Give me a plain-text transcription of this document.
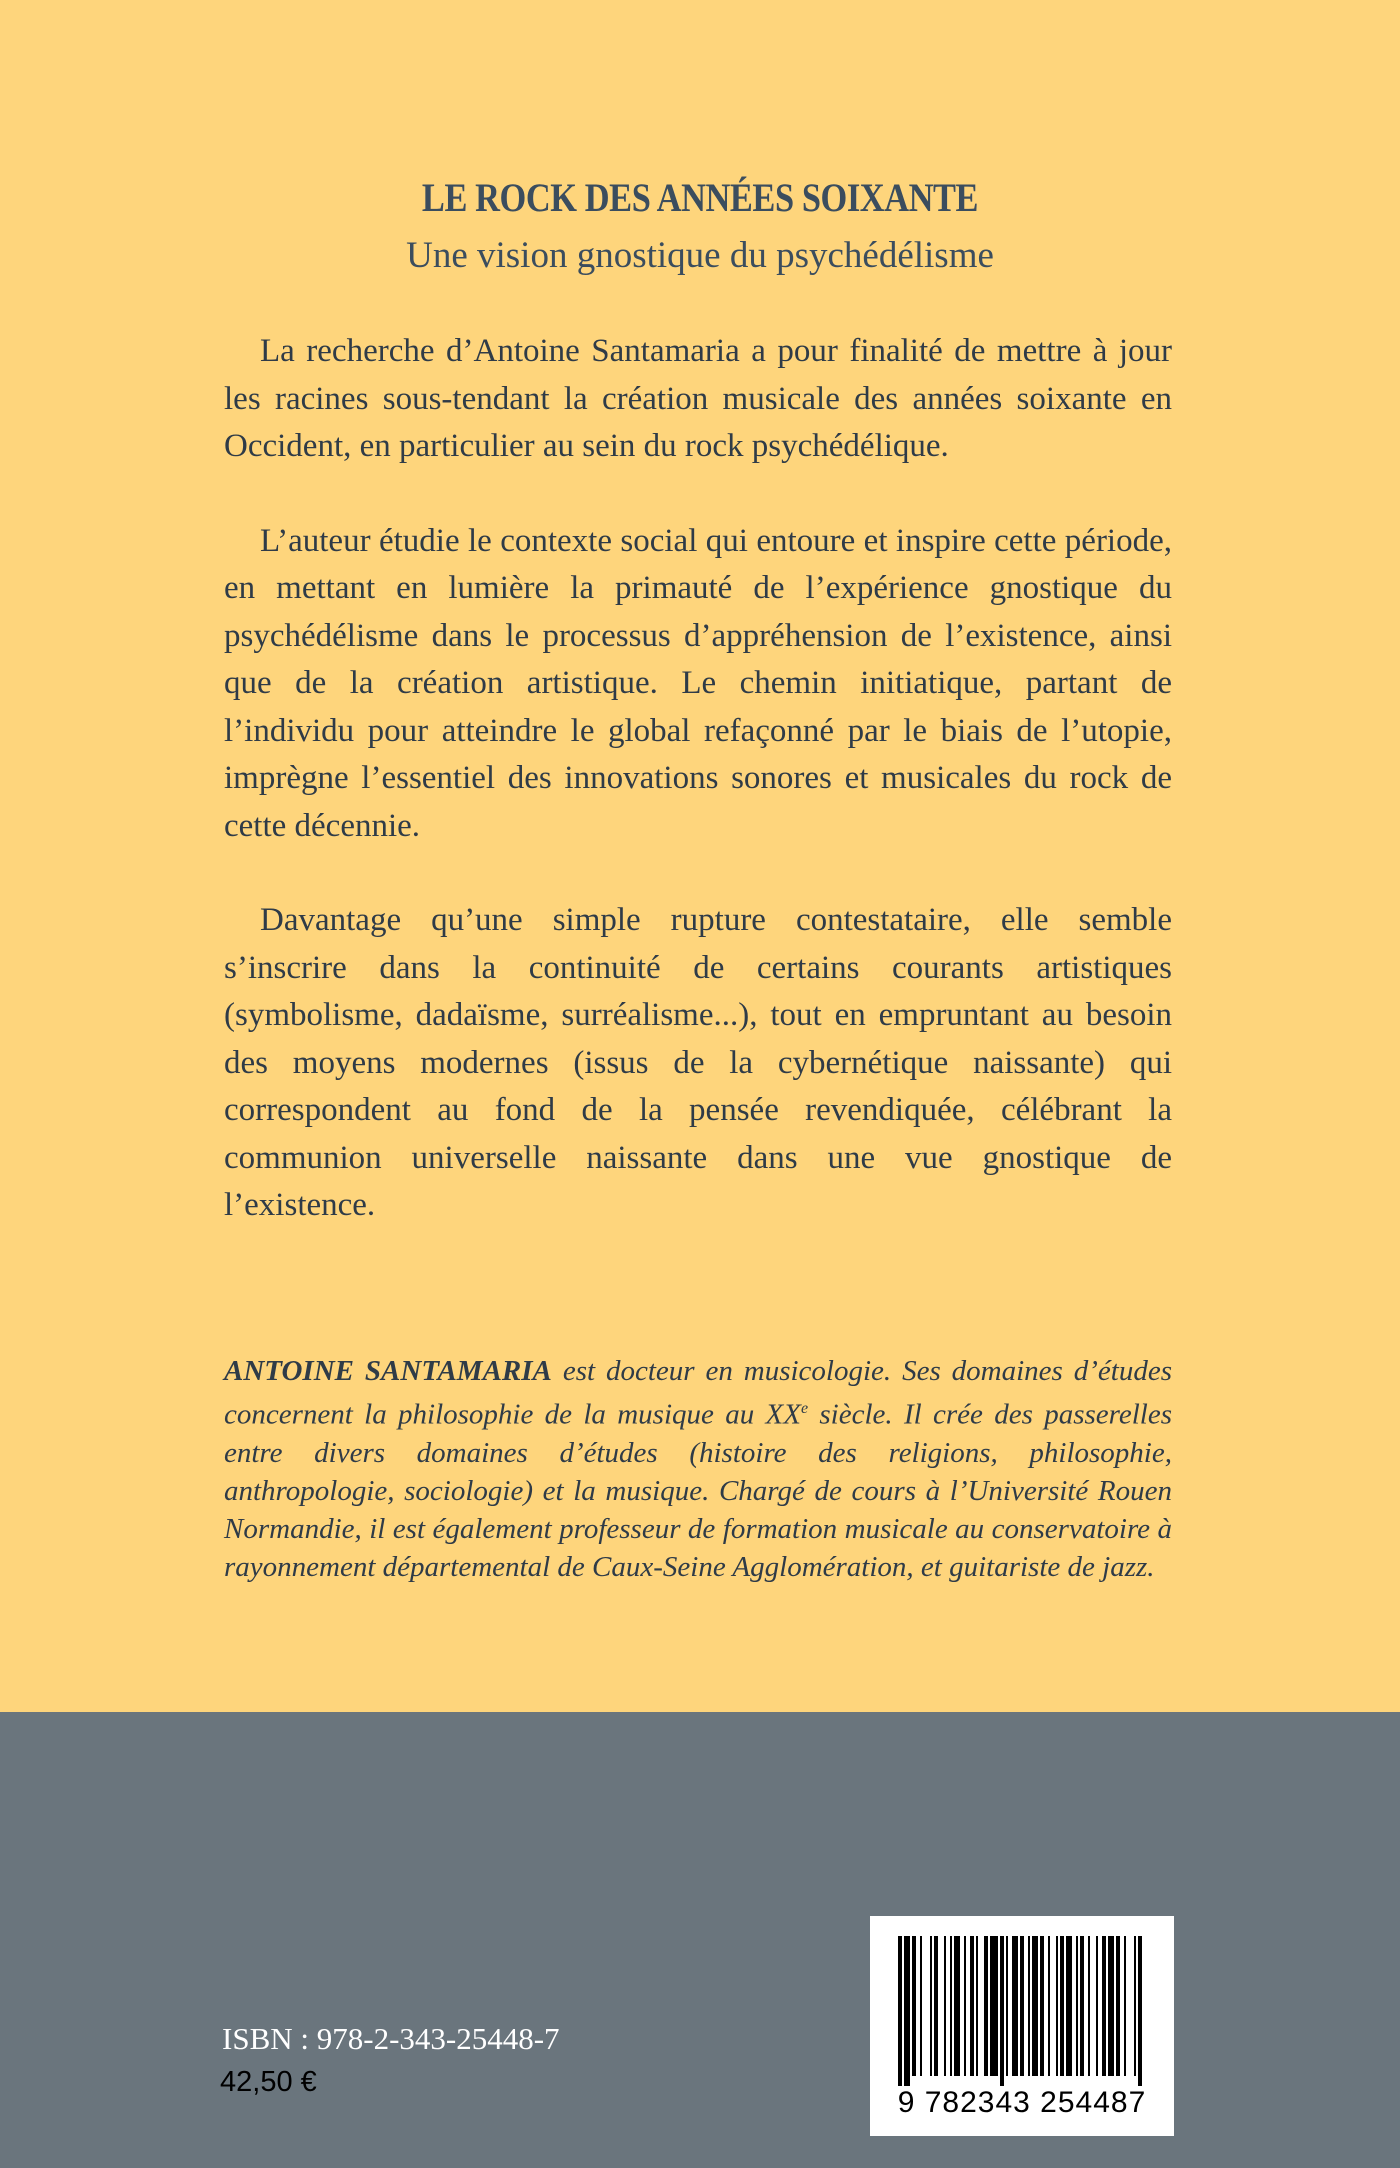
LE ROCK DES ANNÉES SOIXANTE
Une vision gnostique du psychédélisme

La recherche d’Antoine Santamaria a pour finalité de mettre à jour les racines sous-tendant la création musicale des années soixante en Occident, en particulier au sein du rock psychédélique.

L’auteur étudie le contexte social qui entoure et inspire cette période, en mettant en lumière la primauté de l’expérience gnostique du psychédélisme dans le processus d’appréhension de l’existence, ainsi que de la création artistique. Le chemin initiatique, partant de l’individu pour atteindre le global refaçonné par le biais de l’utopie, imprègne l’essentiel des innovations sonores et musicales du rock de cette décennie.

Davantage qu’une simple rupture contestataire, elle semble s’inscrire dans la continuité de certains courants artistiques (symbolisme, dadaïsme, surréalisme...), tout en empruntant au besoin des moyens modernes (issus de la cybernétique naissante) qui correspondent au fond de la pensée revendiquée, célébrant la communion universelle naissante dans une vue gnostique de l’existence.

ANTOINE SANTAMARIA est docteur en musicologie. Ses domaines d’études concernent la philosophie de la musique au XXe siècle. Il crée des passerelles entre divers domaines d’études (histoire des religions, philosophie, anthropologie, sociologie) et la musique. Chargé de cours à l’Université Rouen Normandie, il est également professeur de formation musicale au conservatoire à rayonnement départemental de Caux-Seine Agglomération, et guitariste de jazz.
ISBN : 978-2-343-25448-7
42,50 €
9 782343 254487
